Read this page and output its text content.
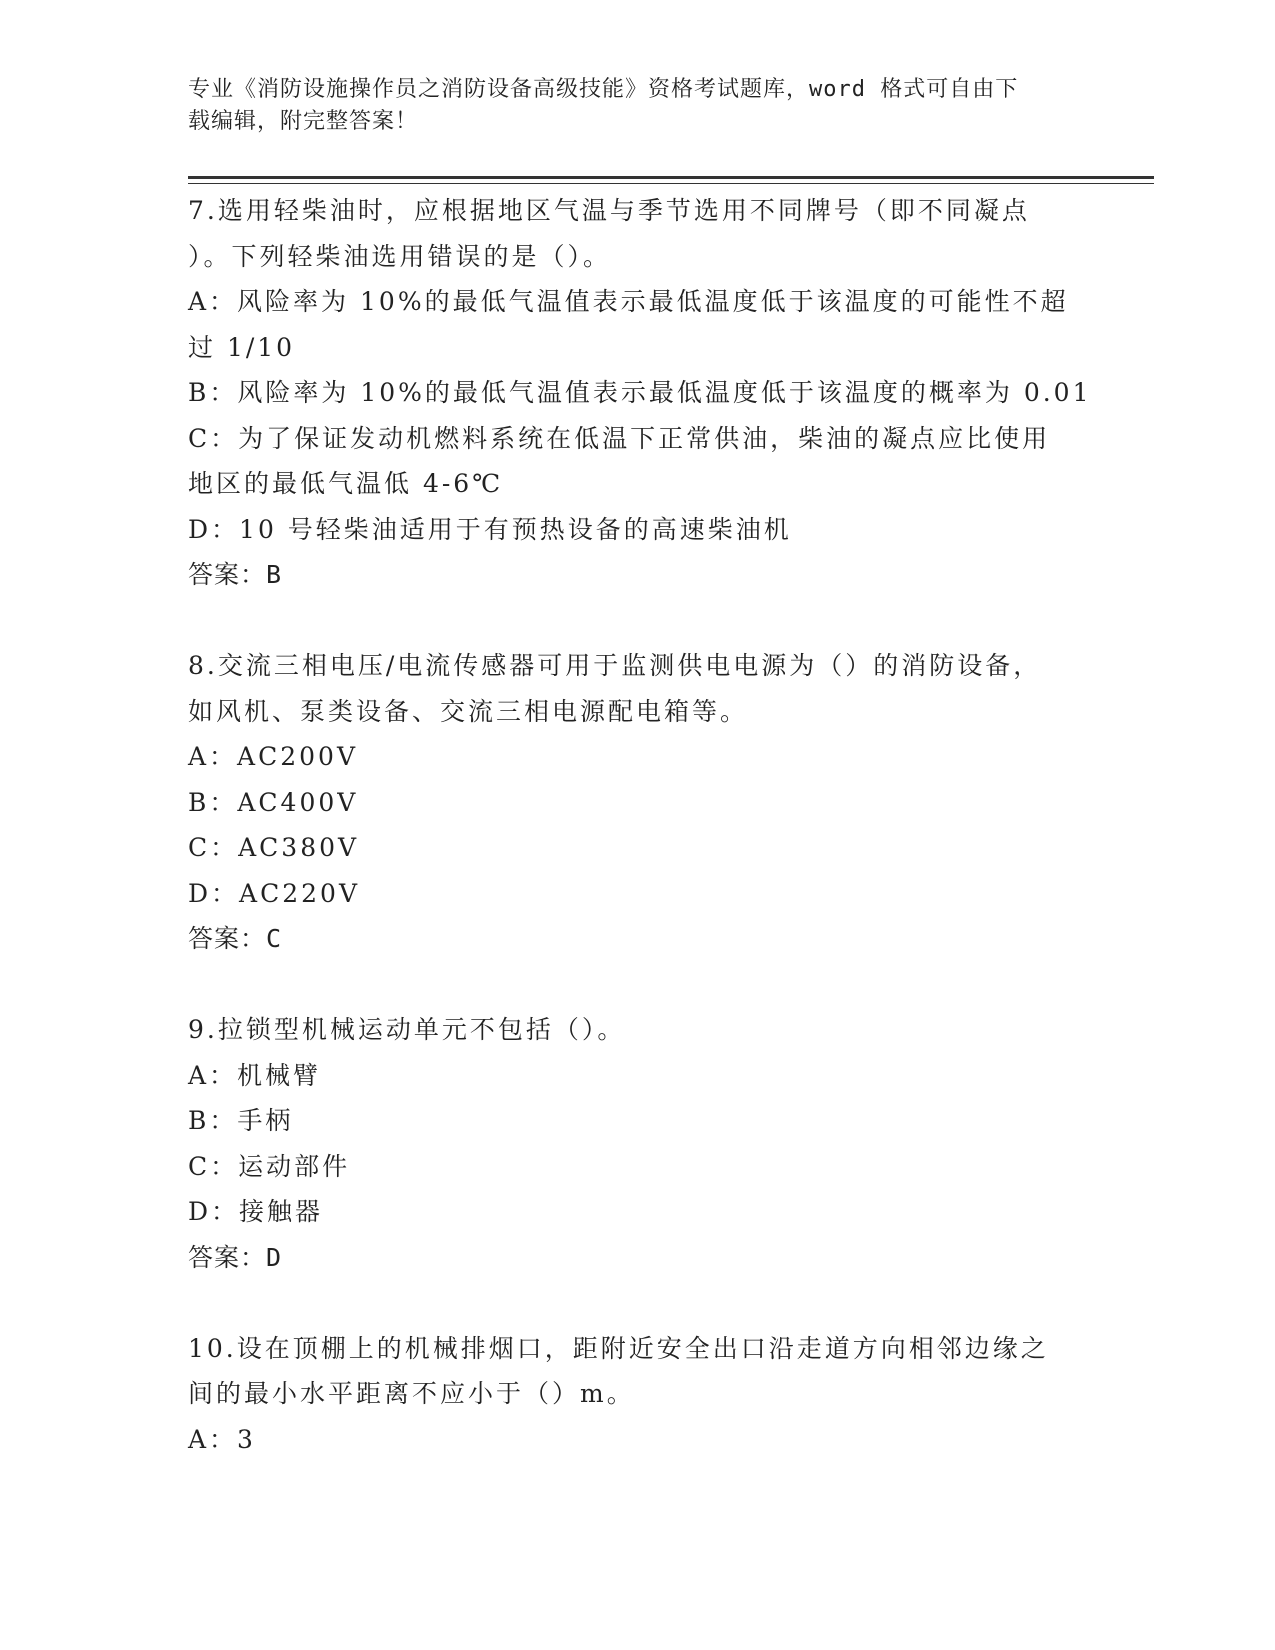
专业《消防设施操作员之消防设备高级技能》资格考试题库，word 格式可自由下
载编辑，附完整答案！
7.选用轻柴油时，应根据地区气温与季节选用不同牌号（即不同凝点
）。下列轻柴油选用错误的是（）。
A：风险率为 10%的最低气温值表示最低温度低于该温度的可能性不超
过 1/10
B：风险率为 10%的最低气温值表示最低温度低于该温度的概率为 0.01
C：为了保证发动机燃料系统在低温下正常供油，柴油的凝点应比使用
地区的最低气温低 4-6℃
D：10 号轻柴油适用于有预热设备的高速柴油机
答案：B
8.交流三相电压/电流传感器可用于监测供电电源为（）的消防设备，
如风机、泵类设备、交流三相电源配电箱等。
A：AC200V
B：AC400V
C：AC380V
D：AC220V
答案：C
9.拉锁型机械运动单元不包括（）。
A：机械臂
B：手柄
C：运动部件
D：接触器
答案：D
10.设在顶棚上的机械排烟口，距附近安全出口沿走道方向相邻边缘之
间的最小水平距离不应小于（）m。
A：3
